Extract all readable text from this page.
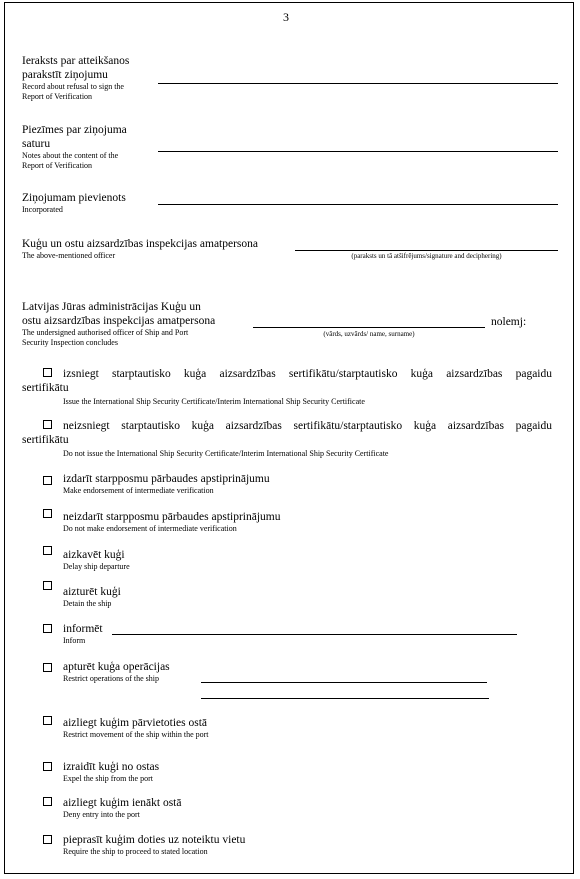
3
Ieraksts par atteikšanos
parakstīt ziņojumu
Record about refusal to sign the
Report of Verification
Piezīmes par ziņojuma
saturu
Notes about the content of the
Report of Verification
Ziņojumam pievienots
Incorporated
Kuģu un ostu aizsardzības inspekcijas amatpersona
The above-mentioned officer	(paraksts un tā atšifrējums/signature and deciphering)
Latvijas Jūras administrācijas Kuģu un
ostu aizsardzības inspekcijas amatpersona
The undersigned authorised officer of Ship and Port
Security Inspection concludes
(vārds, uzvārds/ name, surname)
nolemj:
izsniegt starptautisko kuģa aizsardzības sertifikātu/starptautisko kuģa aizsardzības pagaidu
sertifikātu
Issue the International Ship Security Certificate/Interim International Ship Security Certificate
neizsniegt starptautisko kuģa aizsardzības sertifikātu/starptautisko kuģa aizsardzības pagaidu
sertifikātu
Do not issue the International Ship Security Certificate/Interim International Ship Security Certificate
izdarīt starpposmu pārbaudes apstiprinājumu
Make endorsement of intermediate verification
neizdarīt starpposmu pārbaudes apstiprinājumu
Do not make endorsement of intermediate verification
aizkavēt kuģi
Delay ship departure
aizturēt kuģi
Detain the ship
informēt
Inform
apturēt kuģa operācijas
Restrict operations of the ship
aizliegt kuģim pārvietoties ostā
Restrict movement of the ship within the port
izraidīt kuģi no ostas
Expel the ship from the port
aizliegt kuģim ienākt ostā
Deny entry into the port
pieprasīt kuģim doties uz noteiktu vietu
Require the ship to proceed to stated location
